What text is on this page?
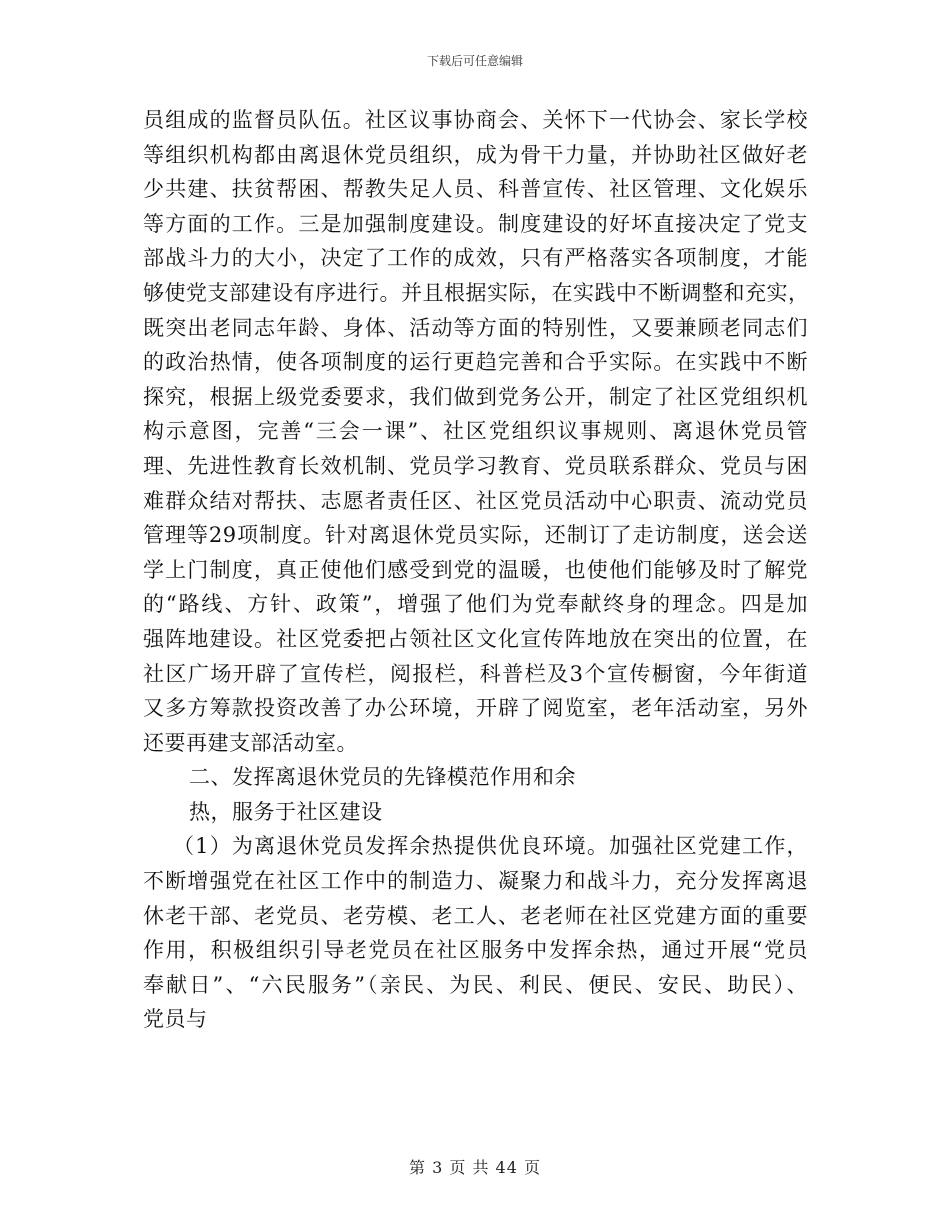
下载后可任意编辑
员组成的监督员队伍。社区议事协商会、关怀下一代协会、家长学校
等组织机构都由离退休党员组织，成为骨干力量，并协助社区做好老
少共建、扶贫帮困、帮教失足人员、科普宣传、社区管理、文化娱乐
等方面的工作。三是加强制度建设。制度建设的好坏直接决定了党支
部战斗力的大小，决定了工作的成效，只有严格落实各项制度，才能
够使党支部建设有序进行。并且根据实际，在实践中不断调整和充实，
既突出老同志年龄、身体、活动等方面的特别性，又要兼顾老同志们
的政治热情，使各项制度的运行更趋完善和合乎实际。在实践中不断
探究，根据上级党委要求，我们做到党务公开，制定了社区党组织机
构示意图，完善“三会一课”、社区党组织议事规则、离退休党员管
理、先进性教育长效机制、党员学习教育、党员联系群众、党员与困
难群众结对帮扶、志愿者责任区、社区党员活动中心职责、流动党员
管理等29项制度。针对离退休党员实际，还制订了走访制度，送会送
学上门制度，真正使他们感受到党的温暖，也使他们能够及时了解党
的“路线、方针、政策”，增强了他们为党奉献终身的理念。四是加
强阵地建设。社区党委把占领社区文化宣传阵地放在突出的位置，在
社区广场开辟了宣传栏，阅报栏，科普栏及3个宣传橱窗，今年街道
又多方筹款投资改善了办公环境，开辟了阅览室，老年活动室，另外
还要再建支部活动室。
二、发挥离退休党员的先锋模范作用和余
热，服务于社区建设
（1）为离退休党员发挥余热提供优良环境。加强社区党建工作，
不断增强党在社区工作中的制造力、凝聚力和战斗力，充分发挥离退
休老干部、老党员、老劳模、老工人、老老师在社区党建方面的重要
作用，积极组织引导老党员在社区服务中发挥余热，通过开展“党员
奉献日”、“六民服务”（亲民、为民、利民、便民、安民、助民）、
党员与
第 3 页 共 44 页
